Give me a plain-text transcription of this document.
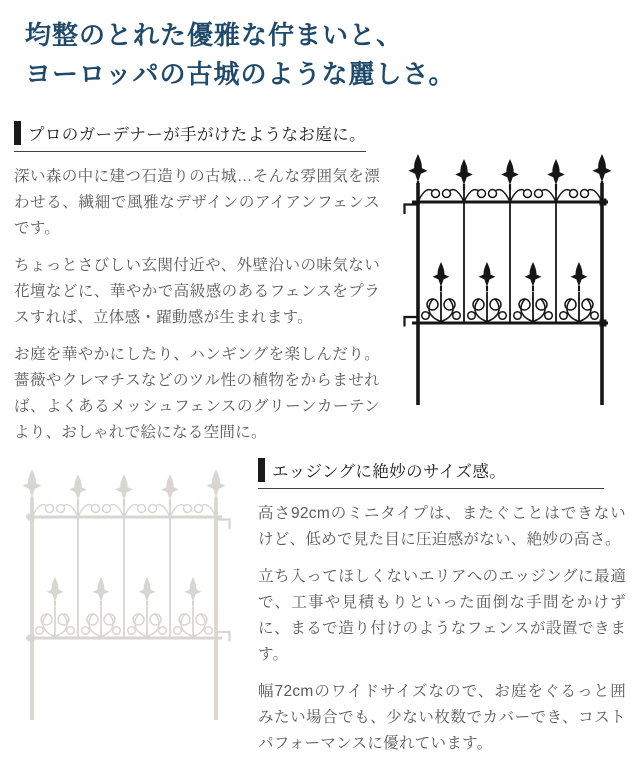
均整のとれた優雅な佇まいと、
ヨーロッパの古城のような麗しさ。
プロのガーデナーが手がけたようなお庭に。

深い森の中に建つ石造りの古城…そんな雰囲気を漂わせる、繊細で風雅なデザインのアイアンフェンスです。

ちょっとさびしい玄関付近や、外壁沿いの味気ない花壇などに、華やかで高級感のあるフェンスをプラスすれば、立体感・躍動感が生まれます。

お庭を華やかにしたり、ハンギングを楽しんだり。薔薇やクレマチスなどのツル性の植物をからませれば、よくあるメッシュフェンスのグリーンカーテンより、おしゃれで絵になる空間に。

エッジングに絶妙のサイズ感。

高さ92cmのミニタイプは、またぐことはできないけど、低めで見た目に圧迫感がない、絶妙の高さ。

立ち入ってほしくないエリアへのエッジングに最適で、工事や見積もりといった面倒な手間をかけずに、まるで造り付けのようなフェンスが設置できます。

幅72cmのワイドサイズなので、お庭をぐるっと囲みたい場合でも、少ない枚数でカバーでき、コストパフォーマンスに優れています。
